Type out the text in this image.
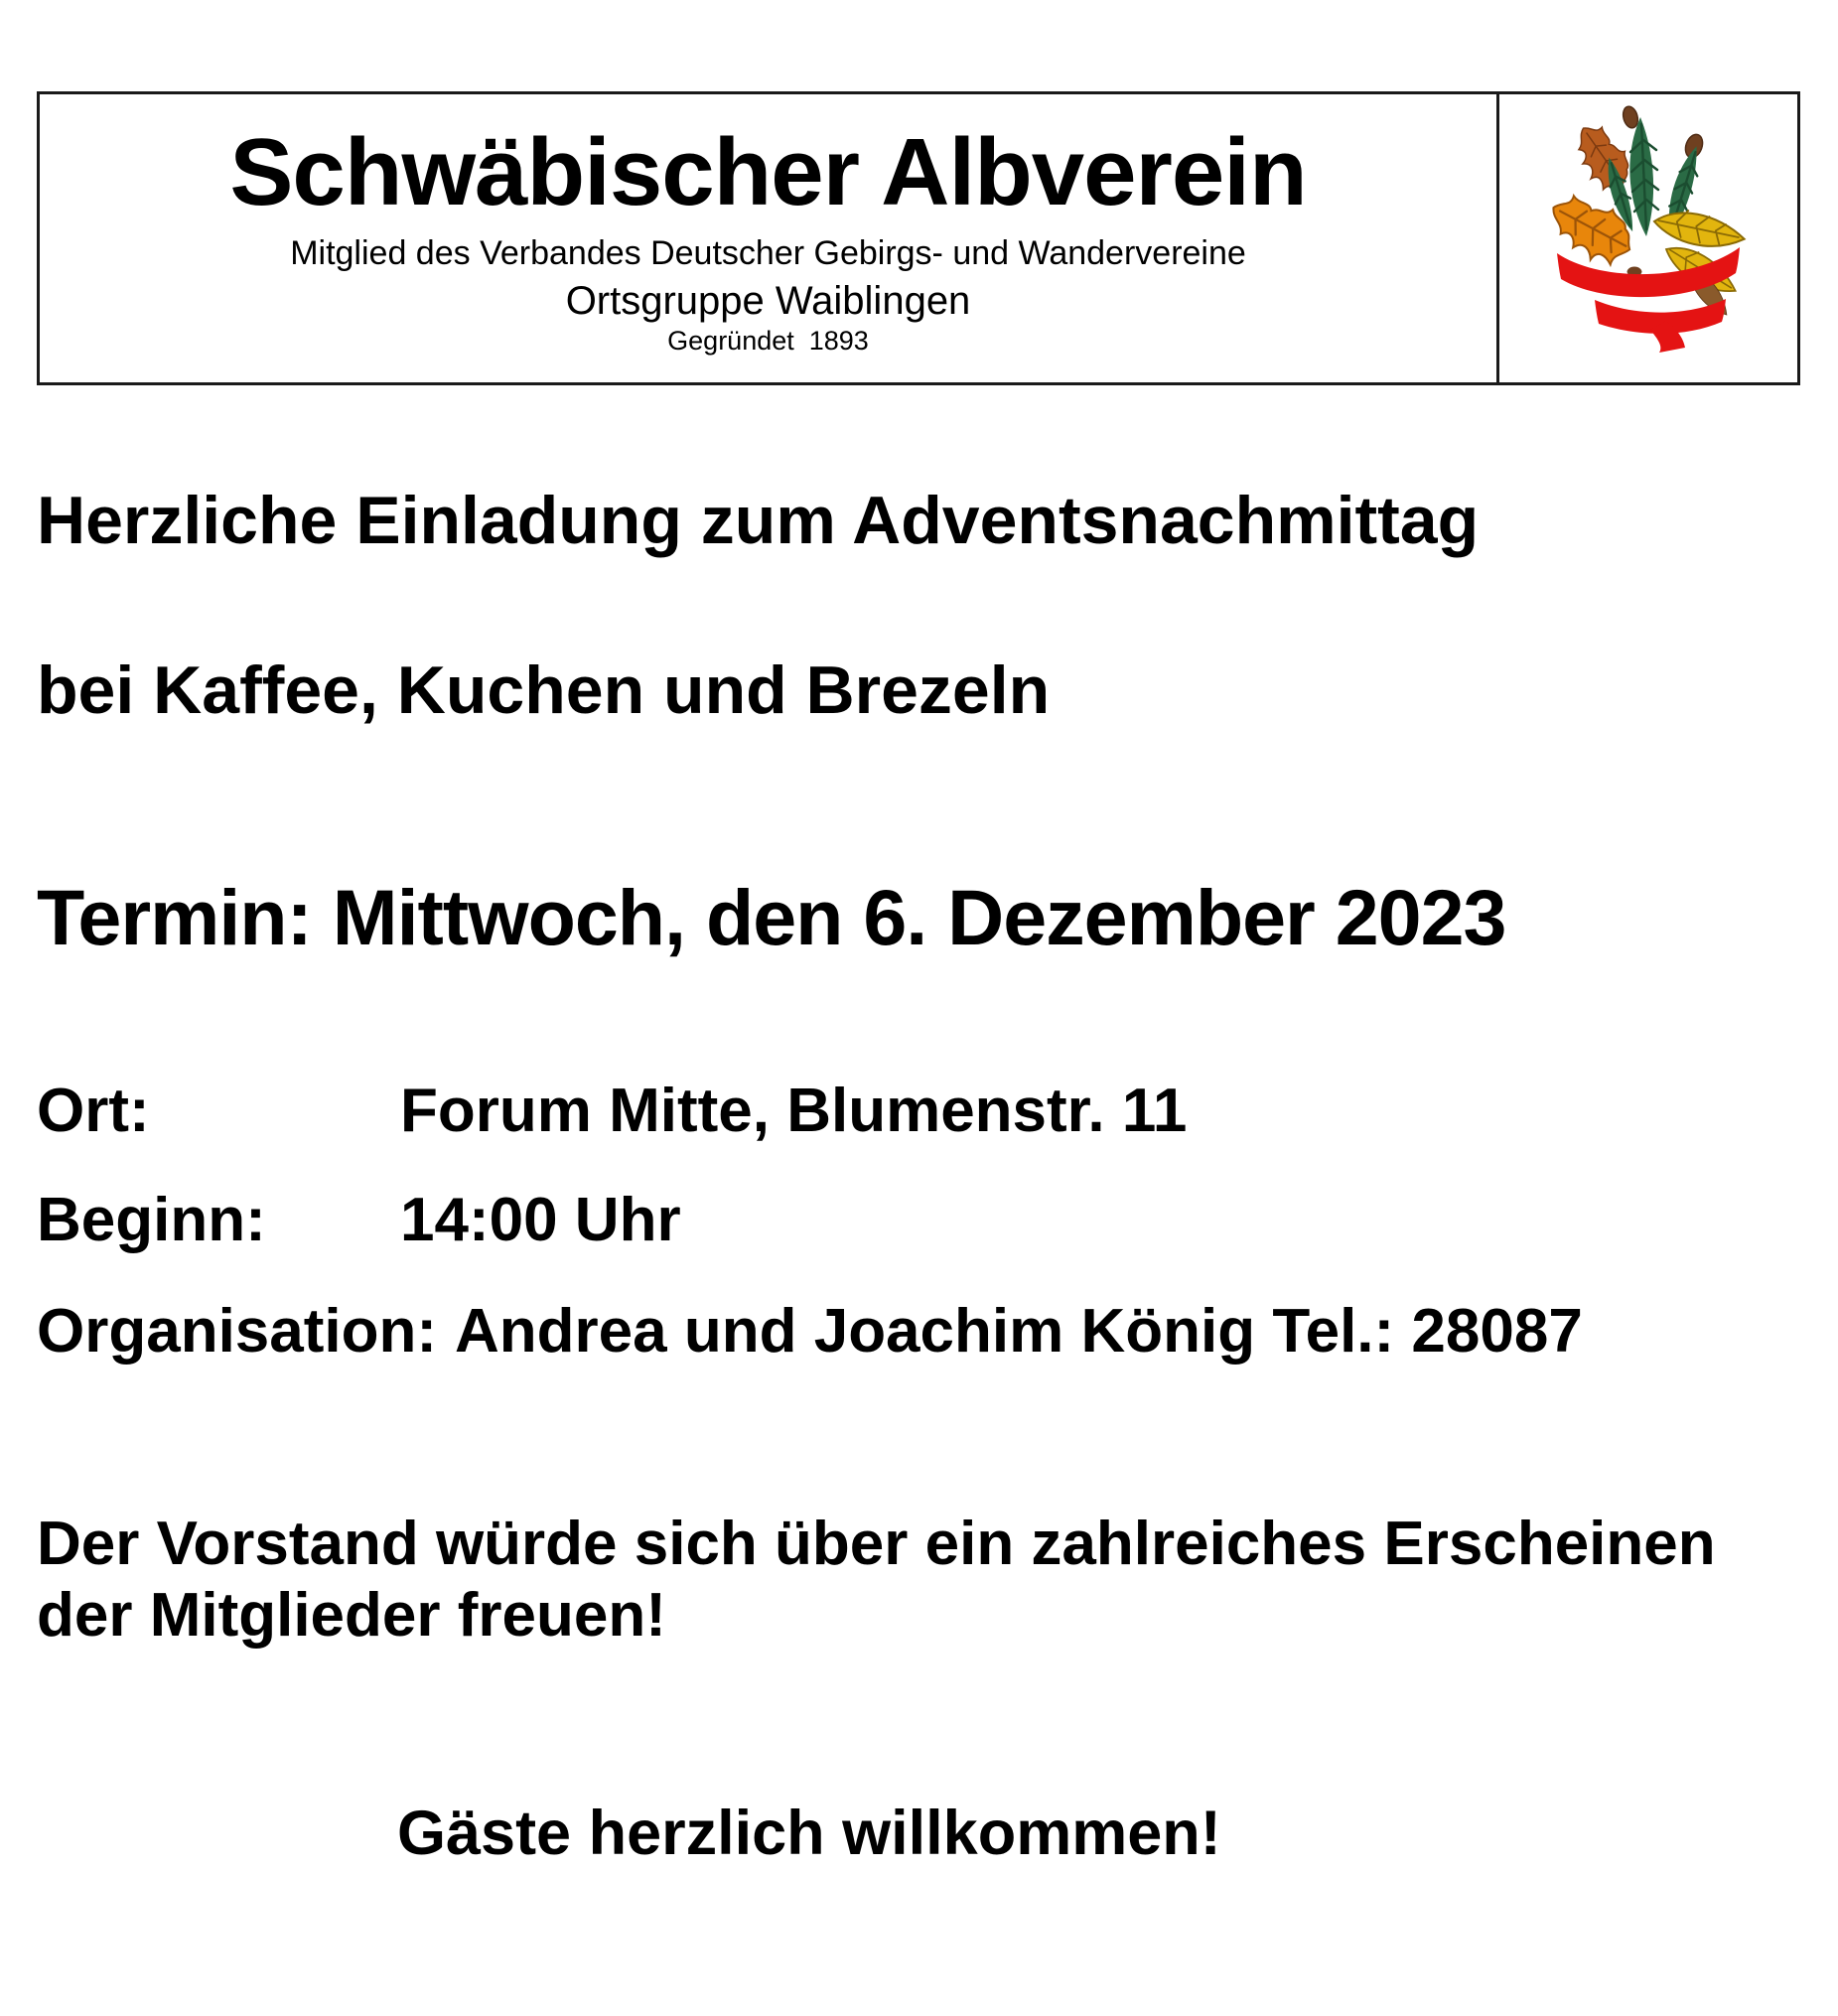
Schwäbischer Albverein
Mitglied des Verbandes Deutscher Gebirgs- und Wandervereine
Ortsgruppe Waiblingen
Gegründet  1893

Herzliche Einladung zum Adventsnachmittag

bei Kaffee, Kuchen und Brezeln

Termin: Mittwoch, den 6. Dezember 2023

Ort:	Forum Mitte, Blumenstr. 11
Beginn:	14:00 Uhr
Organisation: Andrea und Joachim König Tel.: 28087

Der Vorstand würde sich über ein zahlreiches Erscheinen der Mitglieder freuen!

Gäste herzlich willkommen!
